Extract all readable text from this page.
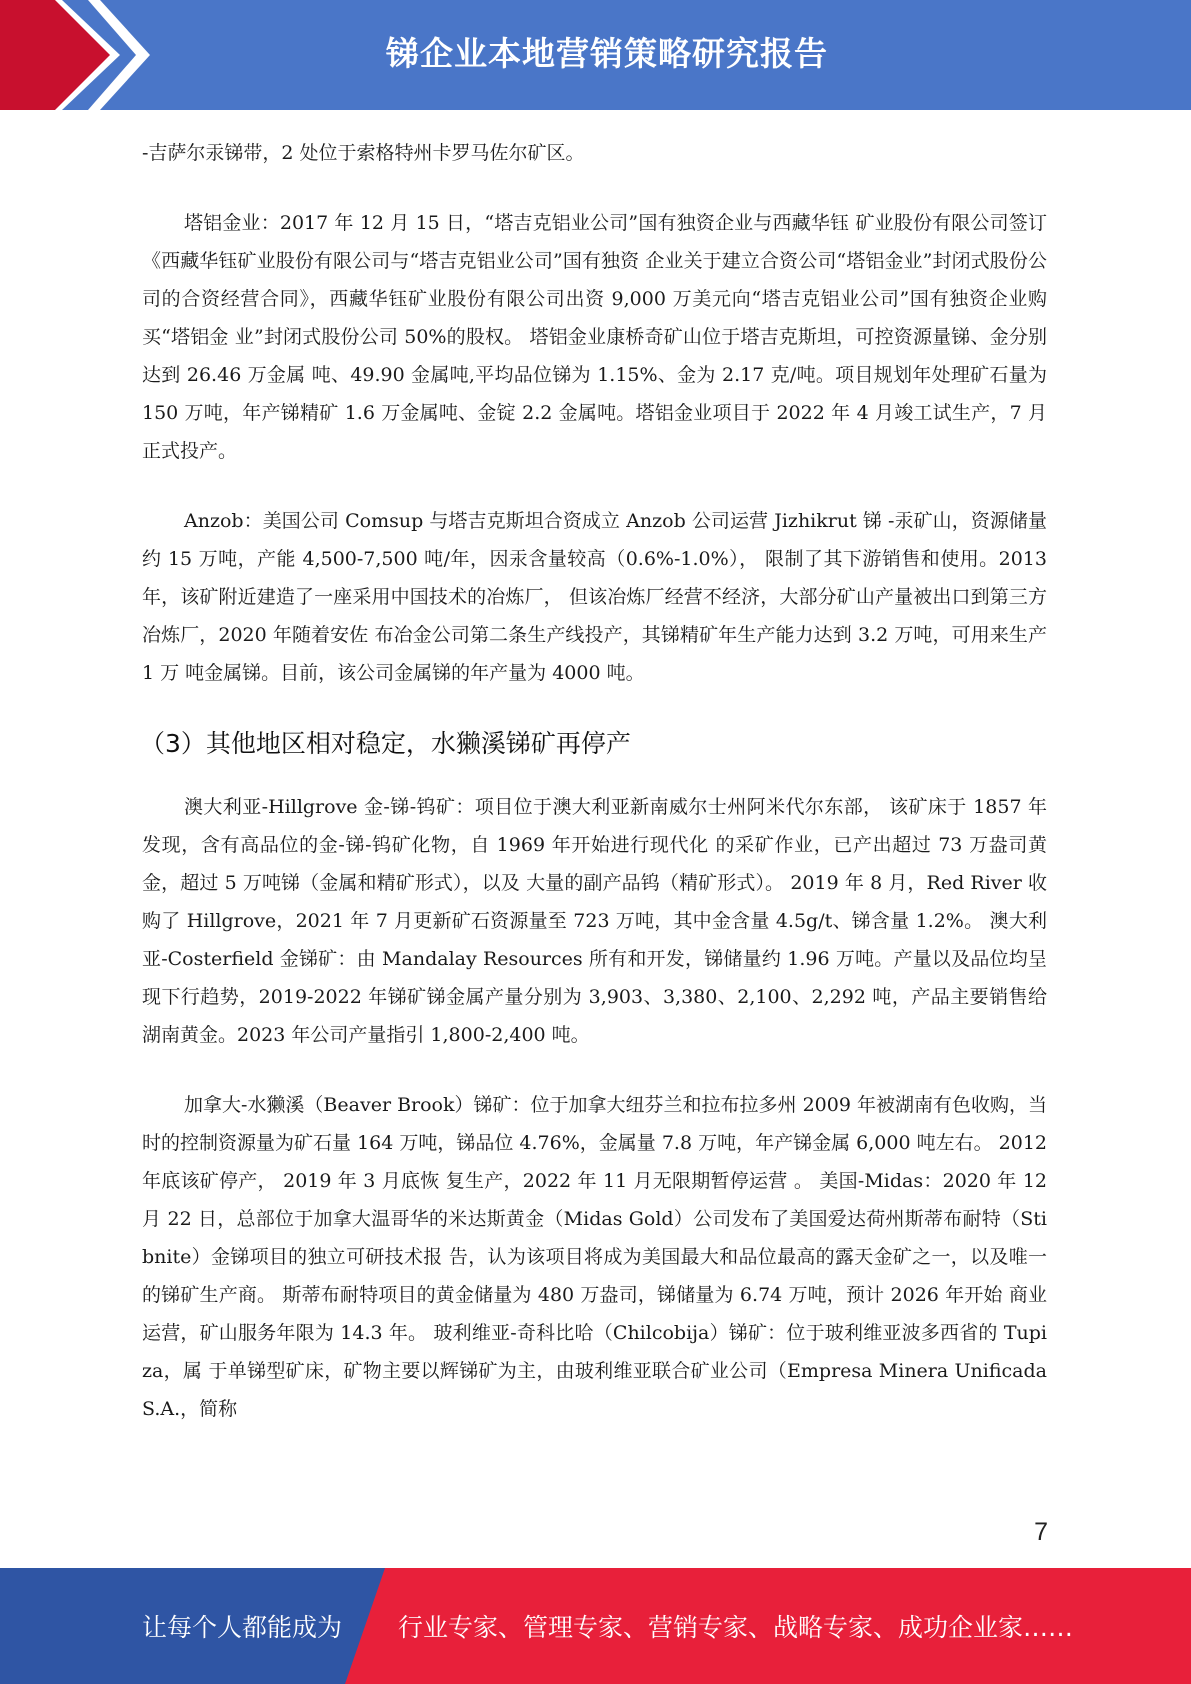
锑企业本地营销策略研究报告

-吉萨尔汞锑带，2 处位于索格特州卡罗马佐尔矿区。

塔铝金业：2017 年 12 月 15 日，“塔吉克铝业公司”国有独资企业与西藏华钰 矿业股份有限公司签订《西藏华钰矿业股份有限公司与“塔吉克铝业公司”国有独资 企业关于建立合资公司“塔铝金业”封闭式股份公司的合资经营合同》，西藏华钰矿业股份有限公司出资 9,000 万美元向“塔吉克铝业公司”国有独资企业购买“塔铝金 业”封闭式股份公司 50%的股权。 塔铝金业康桥奇矿山位于塔吉克斯坦，可控资源量锑、金分别达到 26.46 万金属 吨、49.90 金属吨,平均品位锑为 1.15%、金为 2.17 克/吨。项目规划年处理矿石量为 150 万吨，年产锑精矿 1.6 万金属吨、金锭 2.2 金属吨。塔铝金业项目于 2022 年 4 月竣工试生产，7 月正式投产。

Anzob：美国公司 Comsup 与塔吉克斯坦合资成立 Anzob 公司运营 Jizhikrut 锑 -汞矿山，资源储量约 15 万吨，产能 4,500-7,500 吨/年，因汞含量较高（0.6%-1.0%）， 限制了其下游销售和使用。2013 年，该矿附近建造了一座采用中国技术的冶炼厂， 但该冶炼厂经营不经济，大部分矿山产量被出口到第三方冶炼厂，2020 年随着安佐 布冶金公司第二条生产线投产，其锑精矿年生产能力达到 3.2 万吨，可用来生产 1 万 吨金属锑。目前，该公司金属锑的年产量为 4000 吨。

（3）其他地区相对稳定，水獭溪锑矿再停产

澳大利亚-Hillgrove 金-锑-钨矿：项目位于澳大利亚新南威尔士州阿米代尔东部， 该矿床于 1857 年发现，含有高品位的金-锑-钨矿化物，自 1969 年开始进行现代化 的采矿作业，已产出超过 73 万盎司黄金，超过 5 万吨锑（金属和精矿形式），以及 大量的副产品钨（精矿形式）。 2019 年 8 月，Red River 收购了 Hillgrove，2021 年 7 月更新矿石资源量至 723 万吨，其中金含量 4.5g/t、锑含量 1.2%。 澳大利亚-Costerfield 金锑矿：由 Mandalay Resources 所有和开发，锑储量约 1.96 万吨。产量以及品位均呈现下行趋势，2019-2022 年锑矿锑金属产量分别为 3,903、3,380、2,100、2,292 吨，产品主要销售给湖南黄金。2023 年公司产量指引 1,800-2,400 吨。

加拿大-水獭溪（Beaver Brook）锑矿：位于加拿大纽芬兰和拉布拉多州 2009 年被湖南有色收购，当时的控制资源量为矿石量 164 万吨，锑品位 4.76%，金属量 7.8 万吨，年产锑金属 6,000 吨左右。 2012 年底该矿停产， 2019 年 3 月底恢 复生产，2022 年 11 月无限期暂停运营 。 美国-Midas：2020 年 12 月 22 日，总部位于加拿大温哥华的米达斯黄金（Midas Gold）公司发布了美国爱达荷州斯蒂布耐特（Stibnite）金锑项目的独立可研技术报 告，认为该项目将成为美国最大和品位最高的露天金矿之一，以及唯一的锑矿生产商。 斯蒂布耐特项目的黄金储量为 480 万盎司，锑储量为 6.74 万吨，预计 2026 年开始 商业运营，矿山服务年限为 14.3 年。 玻利维亚-奇科比哈（Chilcobija）锑矿：位于玻利维亚波多西省的 Tupiza，属 于单锑型矿床，矿物主要以辉锑矿为主，由玻利维亚联合矿业公司（Empresa Minera Unificada S.A.，简称

7
让每个人都能成为 行业专家、管理专家、营销专家、战略专家、成功企业家……
